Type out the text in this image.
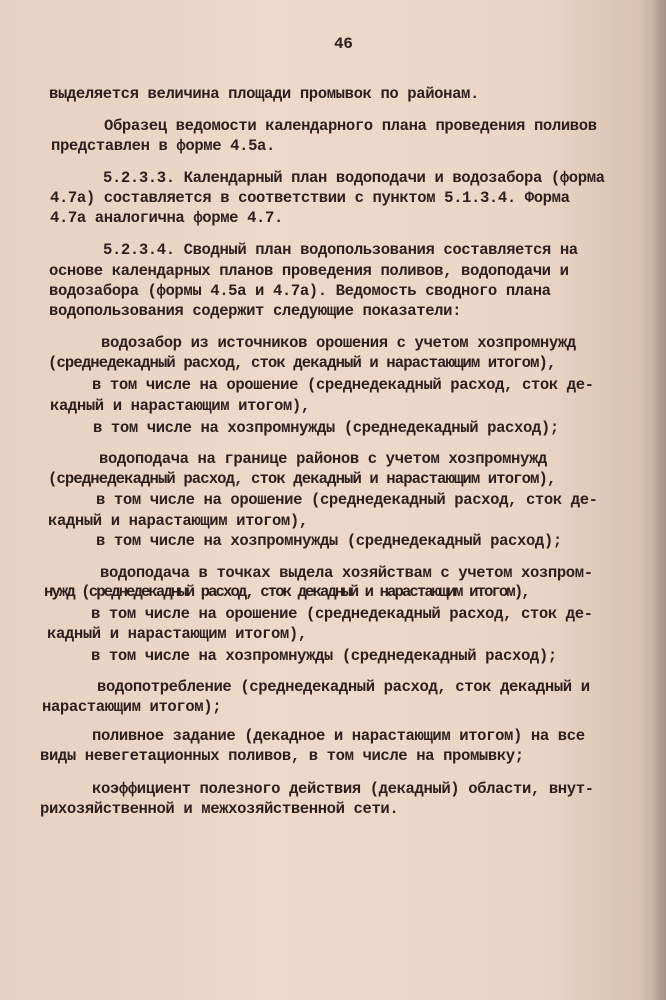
46
выделяется величина площади промывок по районам.
Образец ведомости календарного плана проведения поливов
представлен в форме 4.5а.
5.2.3.3. Календарный план водоподачи и водозабора (форма
4.7а) составляется в соответствии с пунктом 5.1.3.4. Форма
4.7а аналогична форме 4.7.
5.2.3.4. Сводный план водопользования составляется на
основе календарных планов проведения поливов, водоподачи и
водозабора (формы 4.5а и 4.7а). Ведомость сводного плана
водопользования содержит следующие показатели:
водозабор из источников орошения с учетом хозпромнужд
(среднедекадный расход, сток декадный и нарастающим итогом),
в том числе на орошение (среднедекадный расход, сток де-
кадный и нарастающим итогом),
в том числе на хозпромнужды (среднедекадный расход);
водоподача на границе районов с учетом хозпромнужд
(среднедекадный расход, сток декадный и нарастающим итогом),
в том числе на орошение (среднедекадный расход, сток де-
кадный и нарастающим итогом),
в том числе на хозпромнужды (среднедекадный расход);
водоподача в точках выдела хозяйствам с учетом хозпром-
нужд (среднедекадный расход, сток декадный и нарастающим итогом),
в том числе на орошение (среднедекадный расход, сток де-
кадный и нарастающим итогом),
в том числе на хозпромнужды (среднедекадный расход);
водопотребление (среднедекадный расход, сток декадный и
нарастающим итогом);
поливное задание (декадное и нарастающим итогом) на все
виды невегетационных поливов, в том числе на промывку;
коэффициент полезного действия (декадный) области, внут-
рихозяйственной и межхозяйственной сети.
